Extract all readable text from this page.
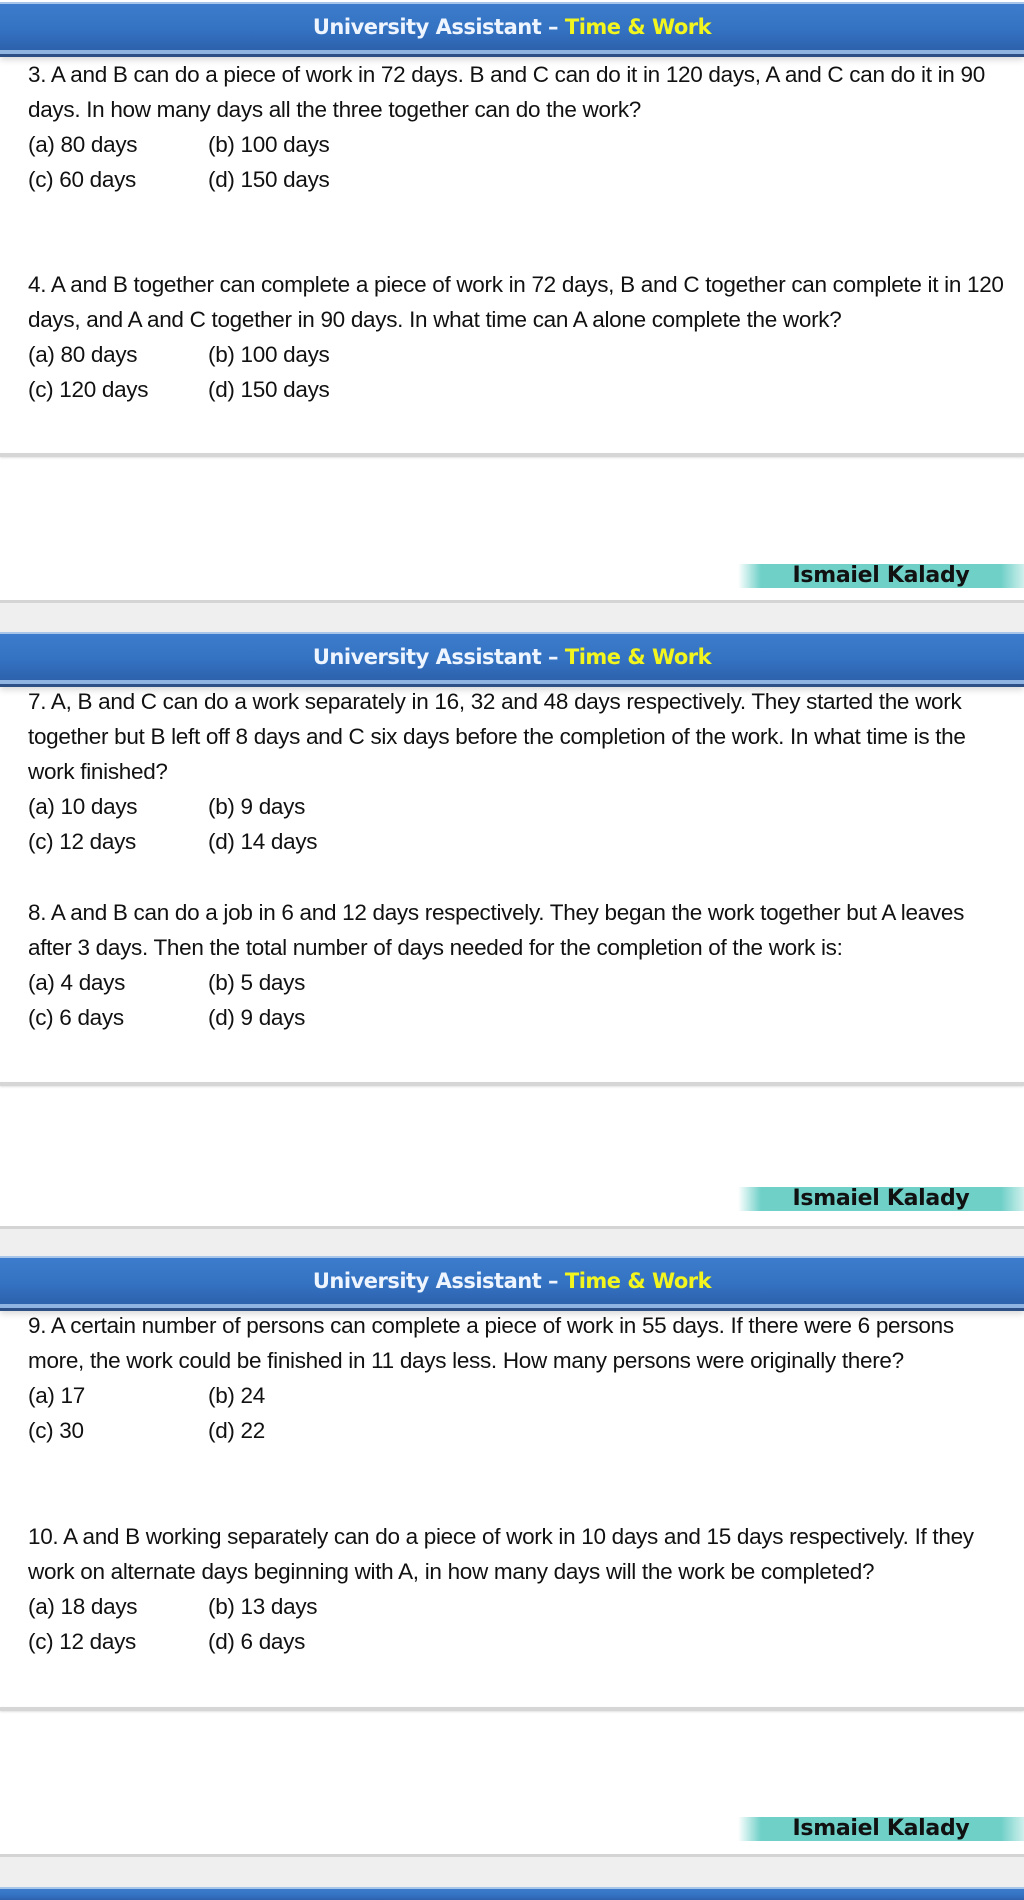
University Assistant – Time & Work

3. A and B can do a piece of work in 72 days. B and C can do it in 120 days, A and C can do it in 90 days. In how many days all the three together can do the work?

(a) 80 days	(b) 100 days
(c) 60 days	(d) 150 days

4. A and B together can complete a piece of work in 72 days, B and C together can complete it in 120 days, and A and C together in 90 days. In what time can A alone complete the work?

(a) 80 days	(b) 100 days
(c) 120 days	(d) 150 days
Ismaiel Kalady
University Assistant – Time & Work

7. A, B and C can do a work separately in 16, 32 and 48 days respectively. They started the work together but B left off 8 days and C six days before the completion of the work. In what time is the work finished?

(a) 10 days	(b) 9 days
(c) 12 days	(d) 14 days

8. A and B can do a job in 6 and 12 days respectively. They began the work together but A leaves after 3 days. Then the total number of days needed for the completion of the work is:

(a) 4 days	(b) 5 days
(c) 6 days	(d) 9 days
Ismaiel Kalady
University Assistant – Time & Work

9. A certain number of persons can complete a piece of work in 55 days. If there were 6 persons more, the work could be finished in 11 days less. How many persons were originally there?

(a) 17	(b) 24
(c) 30	(d) 22

10. A and B working separately can do a piece of work in 10 days and 15 days respectively. If they work on alternate days beginning with A, in how many days will the work be completed?

(a) 18 days	(b) 13 days
(c) 12 days	(d) 6 days
Ismaiel Kalady
